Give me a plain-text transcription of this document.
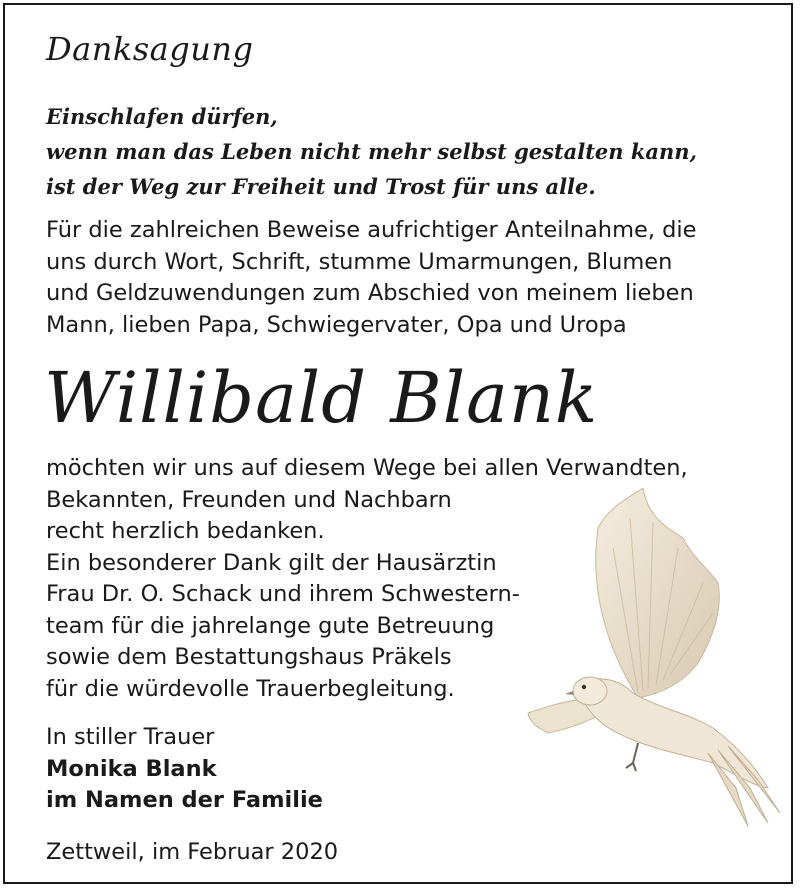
Danksagung
Einschlafen dürfen,
wenn man das Leben nicht mehr selbst gestalten kann,
ist der Weg zur Freiheit und Trost für uns alle.
Für die zahlreichen Beweise aufrichtiger Anteilnahme, die
uns durch Wort, Schrift, stumme Umarmungen, Blumen
und Geldzuwendungen zum Abschied von meinem lieben
Mann, lieben Papa, Schwiegervater, Opa und Uropa
Willibald Blank
möchten wir uns auf diesem Wege bei allen Verwandten,
Bekannten, Freunden und Nachbarn
recht herzlich bedanken.
Ein besonderer Dank gilt der Hausärztin
Frau Dr. O. Schack und ihrem Schwestern-
team für die jahrelange gute Betreuung
sowie dem Bestattungshaus Präkels
für die würdevolle Trauerbegleitung.
In stiller Trauer
Monika Blank
im Namen der Familie
Zettweil, im Februar 2020
